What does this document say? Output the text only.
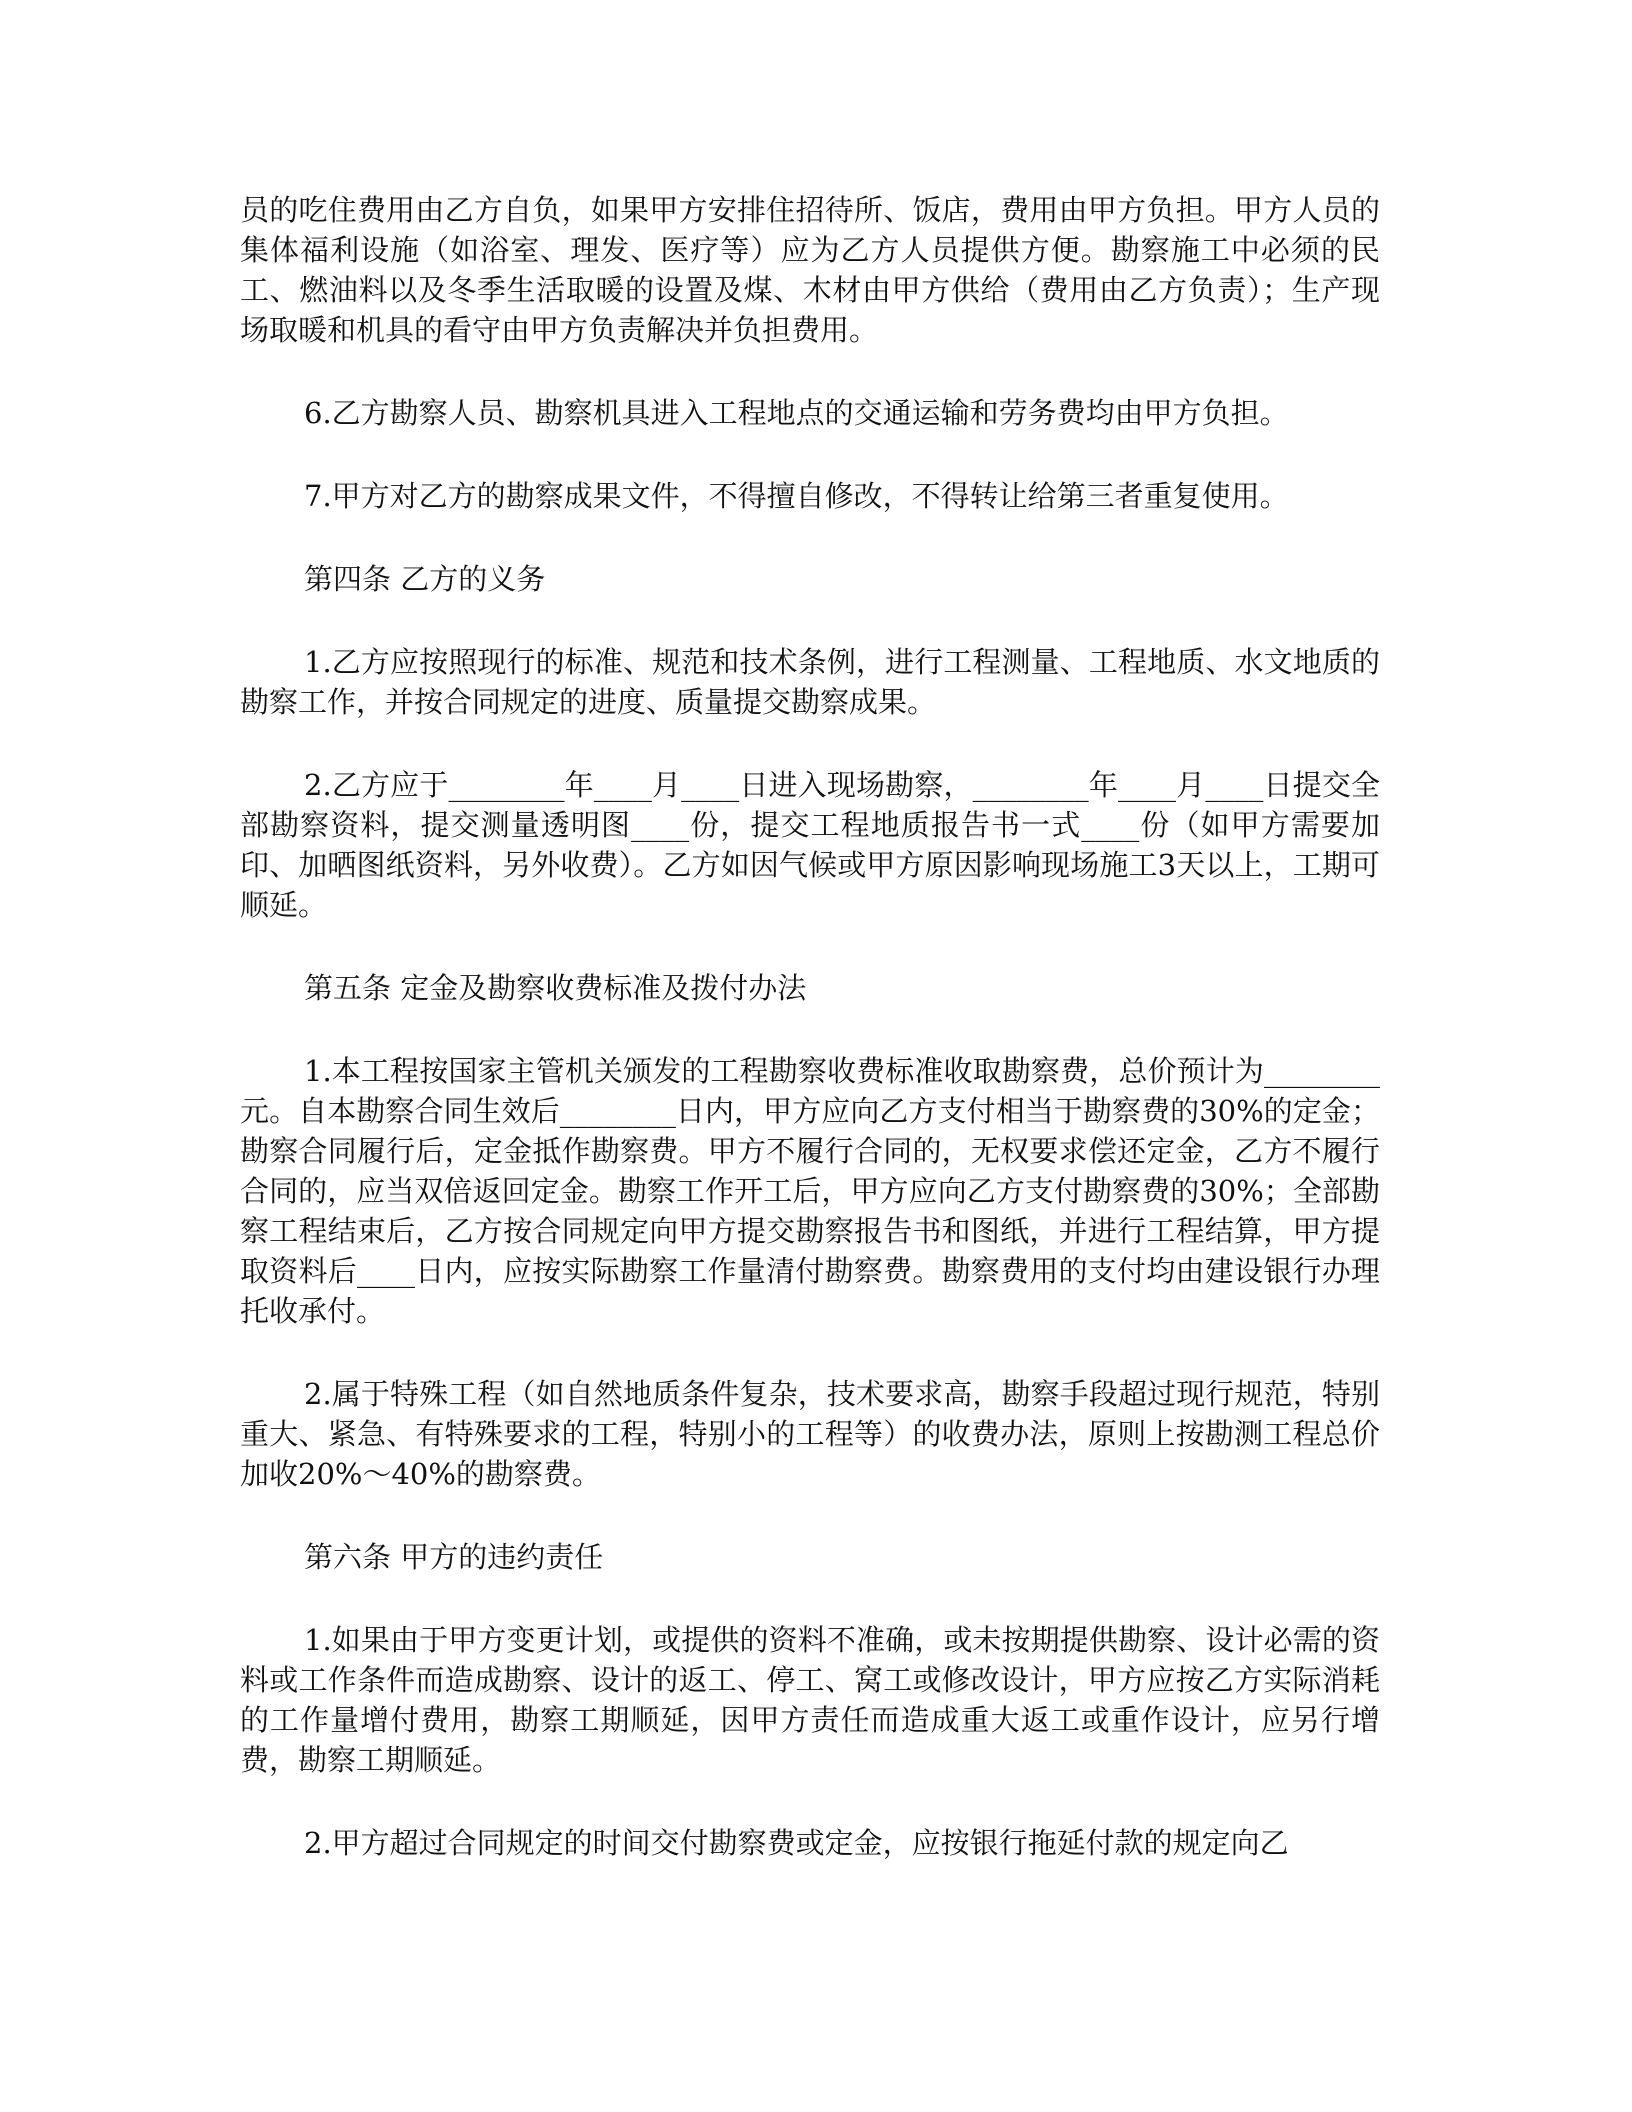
员的吃住费用由乙方自负，如果甲方安排住招待所、饭店，费用由甲方负担。甲方人员的集体福利设施（如浴室、理发、医疗等）应为乙方人员提供方便。勘察施工中必须的民工、燃油料以及冬季生活取暖的设置及煤、木材由甲方供给（费用由乙方负责）；生产现场取暖和机具的看守由甲方负责解决并负担费用。

6.乙方勘察人员、勘察机具进入工程地点的交通运输和劳务费均由甲方负担。

7.甲方对乙方的勘察成果文件，不得擅自修改，不得转让给第三者重复使用。

第四条 乙方的义务

1.乙方应按照现行的标准、规范和技术条例，进行工程测量、工程地质、水文地质的勘察工作，并按合同规定的进度、质量提交勘察成果。

2.乙方应于________年____月____日进入现场勘察，________年____月____日提交全部勘察资料，提交测量透明图____份，提交工程地质报告书一式____份（如甲方需要加印、加晒图纸资料，另外收费）。乙方如因气候或甲方原因影响现场施工3天以上，工期可顺延。

第五条 定金及勘察收费标准及拨付办法

1.本工程按国家主管机关颁发的工程勘察收费标准收取勘察费，总价预计为________元。自本勘察合同生效后________日内，甲方应向乙方支付相当于勘察费的30%的定金；勘察合同履行后，定金抵作勘察费。甲方不履行合同的，无权要求偿还定金，乙方不履行合同的，应当双倍返回定金。勘察工作开工后，甲方应向乙方支付勘察费的30%；全部勘察工程结束后，乙方按合同规定向甲方提交勘察报告书和图纸，并进行工程结算，甲方提取资料后____日内，应按实际勘察工作量清付勘察费。勘察费用的支付均由建设银行办理托收承付。

2.属于特殊工程（如自然地质条件复杂，技术要求高，勘察手段超过现行规范，特别重大、紧急、有特殊要求的工程，特别小的工程等）的收费办法，原则上按勘测工程总价加收20%～40%的勘察费。

第六条 甲方的违约责任

1.如果由于甲方变更计划，或提供的资料不准确，或未按期提供勘察、设计必需的资料或工作条件而造成勘察、设计的返工、停工、窝工或修改设计，甲方应按乙方实际消耗的工作量增付费用，勘察工期顺延，因甲方责任而造成重大返工或重作设计，应另行增费，勘察工期顺延。

2.甲方超过合同规定的时间交付勘察费或定金，应按银行拖延付款的规定向乙
